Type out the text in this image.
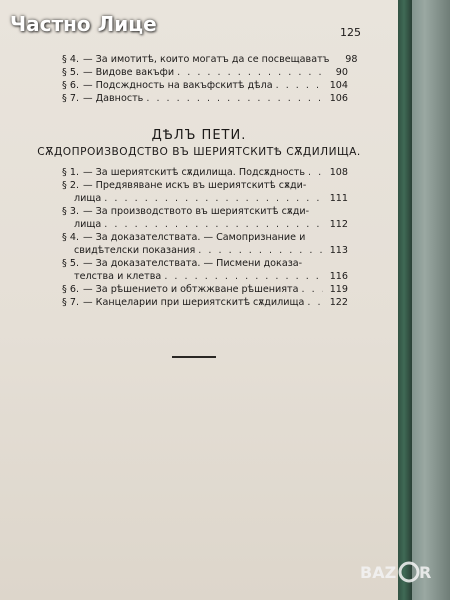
125
§ 4. — За имотитѣ, които могатъ да се посвещаватъ	98
§ 5. — Видове вакъфи . . .	90
§ 6. — Подсждность на вакъфскитѣ дѣла . . .	104
§ 7. — Давность . . .	106
ДѢЛЪ ПЕТИ.
СѪДОПРОИЗВОДСТВО ВЪ ШЕРИЯТСКИТѢ СѪДИЛИЩА.
§ 1. — За шериятскитѣ сѫдилища. Подсѫдность . . .	108
§ 2. — Предявяване искъ въ шериятскитѣ сѫди-
лища . . .	111
§ 3. — За производството въ шериятскитѣ сѫди-
лища . . .	112
§ 4. — За доказателствата. — Самопризнание и
свидѣтелски показания . . .	113
§ 5. — За доказателствата. — Писмени доказа-
телства и клетва . . .	116
§ 6. — За рѣшението и обтжжване рѣшенията . . .	119
§ 7. — Канцеларии при шериятскитѣ сѫдилища . . .	122
Частно Лице
BAZ R
